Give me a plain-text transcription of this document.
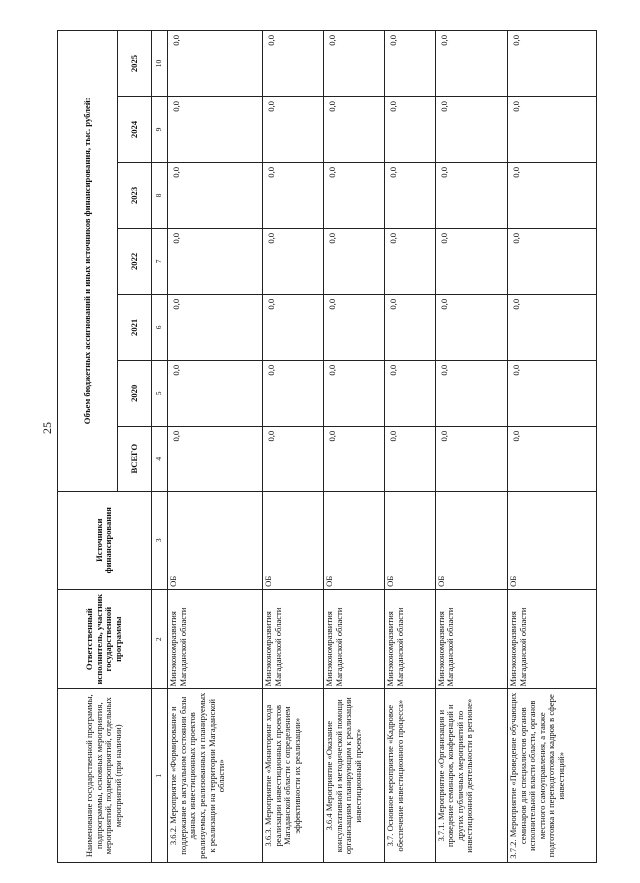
25
Наименование государственной программы, подпрограммы, основных мероприятия, мероприятий, подмероприятий, отдельных мероприятий (при наличии)	Ответственный исполнитель, участник государственной программы	Источники финансирования	Объем бюджетных ассигнований и иных источников финансирования, тыс. рублей:						
			ВСЕГО	2020	2021	2022	2023	2024	2025
1	2	3	4	5	6	7	8	9	10
3.6.2. Мероприятие «Формирование и поддержание в актуальном состоянии базы данных инвестиционных проектов реализуемых, реализованных и планируемых к реализации на территории Магаданской области»	Минэкономразвития Магаданской области	ОБ	0,0	0,0	0,0	0,0	0,0	0,0	0,0
3.6.3. Мероприятие «Мониторинг хода реализации инвестиционных проектов Магаданской области с определением эффективности их реализации»	Минэкономразвития Магаданской области	ОБ	0,0	0,0	0,0	0,0	0,0	0,0	0,0
3.6.4 Мероприятие «Оказание консультативной и методической помощи организациям планирующим к реализации инвестиционный проект»	Минэкономразвития Магаданской области	ОБ	0,0	0,0	0,0	0,0	0,0	0,0	0,0
3.7. Основное мероприятие «Кадровое обеспечение инвестиционного процесса»	Минэкономразвития Магаданской области	ОБ	0,0	0,0	0,0	0,0	0,0	0,0	0,0
3.7.1. Мероприятие «Организация и проведение семинаров, конференций и других публичных мероприятий по инвестиционной деятельности в регионе»	Минэкономразвития Магаданской области	ОБ	0,0	0,0	0,0	0,0	0,0	0,0	0,0
3.7.2. Мероприятие «Проведение обучающих семинаров для специалистов органов исполнительной власти области, органов местного самоуправления, а также подготовка и переподготовка кадров в сфере инвестиций»	Минэкономразвития Магаданской области	ОБ	0,0	0,0	0,0	0,0	0,0	0,0	0,0
